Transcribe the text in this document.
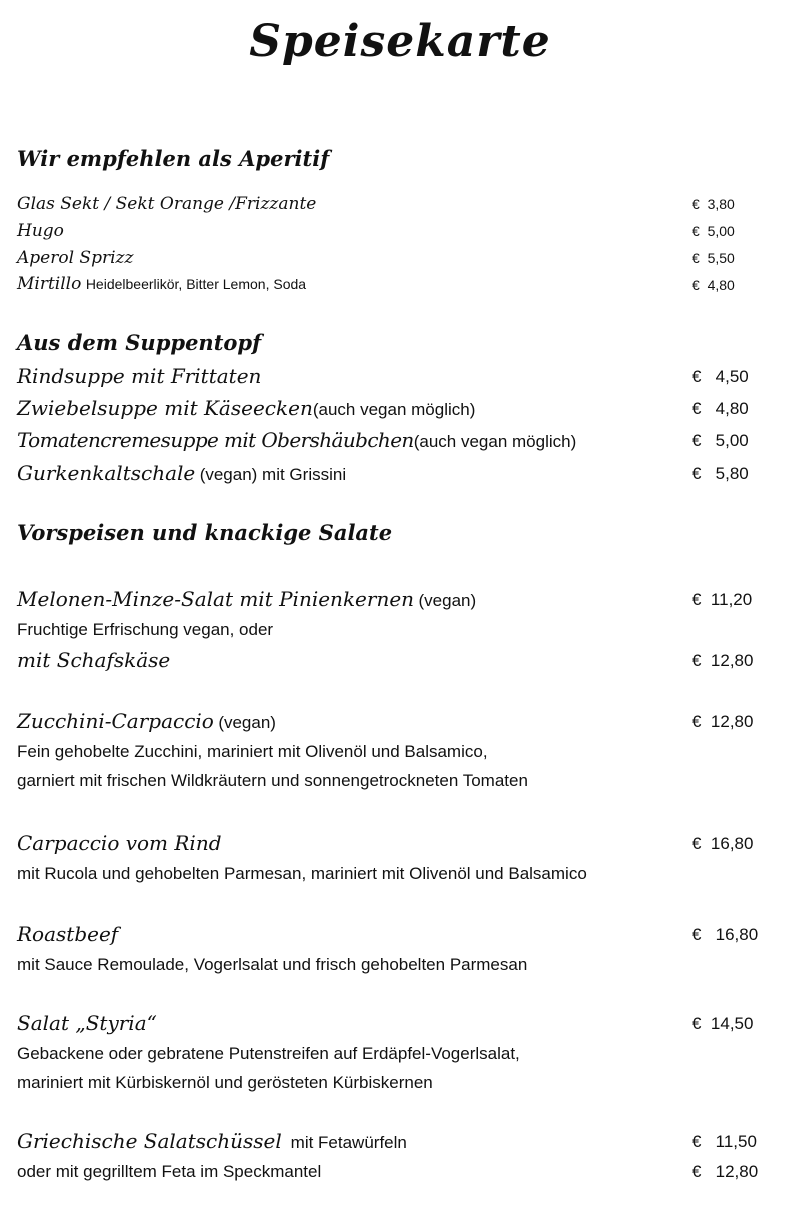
Speisekarte
Wir empfehlen als Aperitif
Glas Sekt / Sekt Orange /Frizzante	€ 3,80
Hugo	€ 5,00
Aperol Sprizz	€ 5,50
Mirtillo Heidelbeerlikör, Bitter Lemon, Soda	€ 4,80
Aus dem Suppentopf
Rindsuppe mit Frittaten	€ 4,50
Zwiebelsuppe mit Käseecken(auch vegan möglich)	€ 4,80
Tomatencremesuppe mit Obershäubchen(auch vegan möglich)	€ 5,00
Gurkenkaltschale (vegan) mit Grissini	€ 5,80
Vorspeisen und knackige Salate
Melonen-Minze-Salat mit Pinienkernen (vegan)	€ 11,20
Fruchtige Erfrischung vegan, oder
mit Schafskäse	€ 12,80
Zucchini-Carpaccio (vegan)	€ 12,80
Fein gehobelte Zucchini, mariniert mit Olivenöl und Balsamico,
garniert mit frischen Wildkräutern und sonnengetrockneten Tomaten
Carpaccio vom Rind	€ 16,80
mit Rucola und gehobelten Parmesan, mariniert mit Olivenöl und Balsamico
Roastbeef	€ 16,80
mit Sauce Remoulade, Vogerlsalat und frisch gehobelten Parmesan
Salat „Styria“	€ 14,50
Gebackene oder gebratene Putenstreifen auf Erdäpfel-Vogerlsalat,
mariniert mit Kürbiskernöl und gerösteten Kürbiskernen
Griechische Salatschüssel mit Fetawürfeln	€ 11,50
oder mit gegrilltem Feta im Speckmantel	€ 12,80
